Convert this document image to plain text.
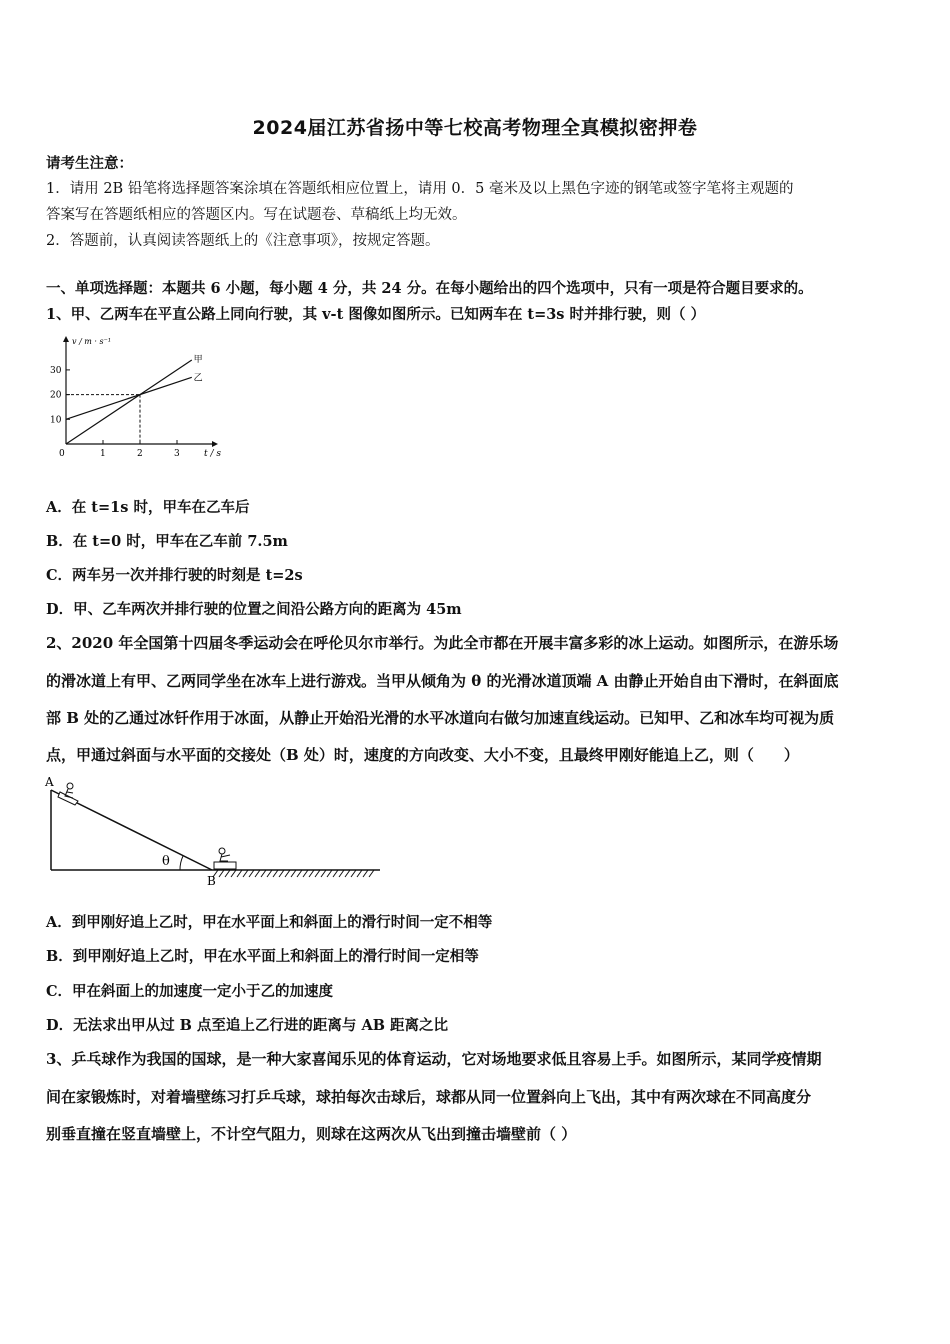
2024届江苏省扬中等七校高考物理全真模拟密押卷
请考生注意：
1．请用 2B 铅笔将选择题答案涂填在答题纸相应位置上，请用 0．5 毫米及以上黑色字迹的钢笔或签字笔将主观题的
答案写在答题纸相应的答题区内。写在试题卷、草稿纸上均无效。
2．答题前，认真阅读答题纸上的《注意事项》，按规定答题。
一、单项选择题：本题共 6 小题，每小题 4 分，共 24 分。在每小题给出的四个选项中，只有一项是符合题目要求的。
1、甲、乙两车在平直公路上同向行驶，其 v-t 图像如图所示。已知两车在 t=3s 时并排行驶，则（ ）
v / m · s⁻¹
t / s
30
20
10
0	1	2	3
甲
乙
A．在 t=1s 时，甲车在乙车后
B．在 t=0 时，甲车在乙车前 7.5m
C．两车另一次并排行驶的时刻是 t=2s
D．甲、乙车两次并排行驶的位置之间沿公路方向的距离为 45m
2、2020 年全国第十四届冬季运动会在呼伦贝尔市举行。为此全市都在开展丰富多彩的冰上运动。如图所示，在游乐场
的滑冰道上有甲、乙两同学坐在冰车上进行游戏。当甲从倾角为 θ 的光滑冰道顶端 A 由静止开始自由下滑时，在斜面底
部 B 处的乙通过冰钎作用于冰面，从静止开始沿光滑的水平冰道向右做匀加速直线运动。已知甲、乙和冰车均可视为质
点，甲通过斜面与水平面的交接处（B 处）时，速度的方向改变、大小不变，且最终甲刚好能追上乙，则（　　）
A
θ
B
A．到甲刚好追上乙时，甲在水平面上和斜面上的滑行时间一定不相等
B．到甲刚好追上乙时，甲在水平面上和斜面上的滑行时间一定相等
C．甲在斜面上的加速度一定小于乙的加速度
D．无法求出甲从过 B 点至追上乙行进的距离与 AB 距离之比
3、乒乓球作为我国的国球，是一种大家喜闻乐见的体育运动，它对场地要求低且容易上手。如图所示，某同学疫情期
间在家锻炼时，对着墙壁练习打乒乓球，球拍每次击球后，球都从同一位置斜向上飞出，其中有两次球在不同高度分
别垂直撞在竖直墙壁上，不计空气阻力，则球在这两次从飞出到撞击墙壁前（ ）
